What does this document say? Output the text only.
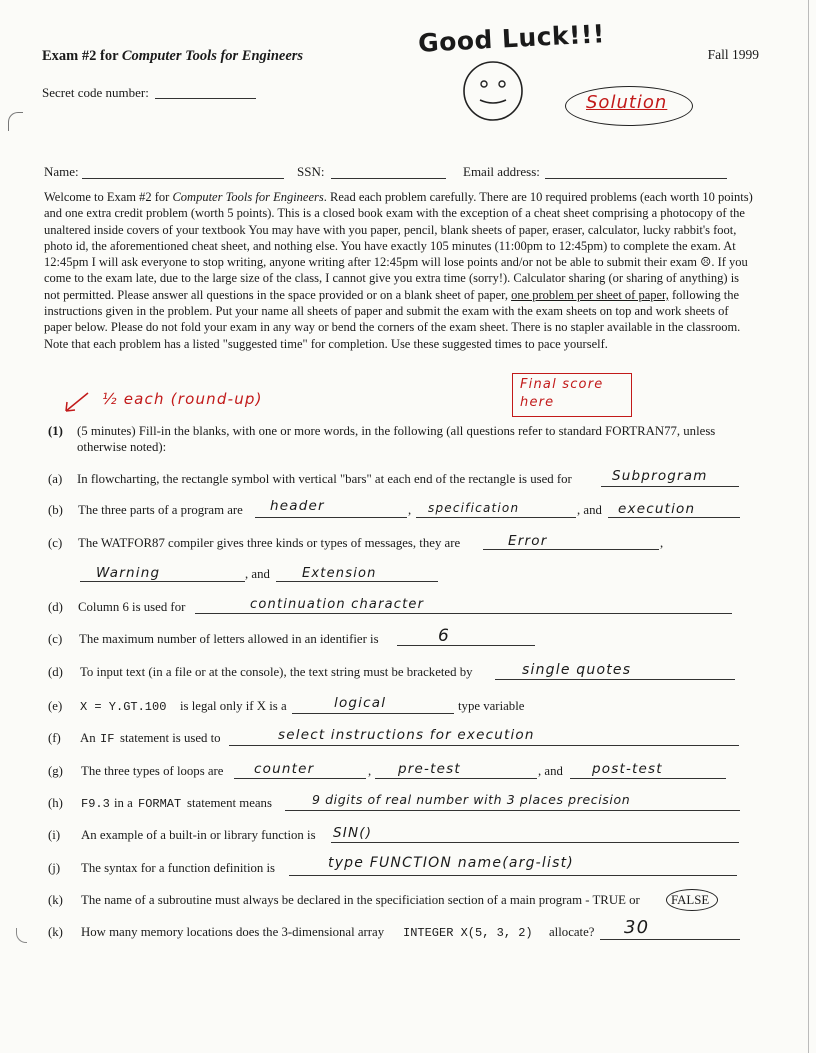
Exam #2 for Computer Tools for Engineers	Good Luck!!!	Fall 1999
Solution
Secret code number:
Name:	SSN:	Email address:
Welcome to Exam #2 for Computer Tools for Engineers. Read each problem carefully. There are 10 required problems (each worth 10 points) and one extra credit problem (worth 5 points). This is a closed book exam with the exception of a cheat sheet comprising a photocopy of the unaltered inside covers of your textbook You may have with you paper, pencil, blank sheets of paper, eraser, calculator, lucky rabbit's foot, photo id, the aforementioned cheat sheet, and nothing else. You have exactly 105 minutes (11:00pm to 12:45pm) to complete the exam. At 12:45pm I will ask everyone to stop writing, anyone writing after 12:45pm will lose points and/or not be able to submit their exam ☹. If you come to the exam late, due to the large size of the class, I cannot give you extra time (sorry!). Calculator sharing (or sharing of anything) is not permitted. Please answer all questions in the space provided or on a blank sheet of paper, one problem per sheet of paper, following the instructions given in the problem. Put your name all sheets of paper and submit the exam with the exam sheets on top and work sheets of paper below. Please do not fold your exam in any way or bend the corners of the exam sheet. There is no stapler available in the classroom. Note that each problem has a listed "suggested time" for completion. Use these suggested times to pace yourself.
½ each (round-up)
Final score here
(1) (5 minutes) Fill-in the blanks, with one or more words, in the following (all questions refer to standard FORTRAN77, unless
otherwise noted):
(a) In flowcharting, the rectangle symbol with vertical "bars" at each end of the rectangle is used for	Subprogram
(b) The three parts of a program are header	, specification	, and execution
(c) The WATFOR87 compiler gives three kinds or types of messages, they are	Error	,
Warning	, and Extension
(d) Column 6 is used for	continuation character
(c) The maximum number of letters allowed in an identifier is	6
(d) To input text (in a file or at the console), the text string must be bracketed by	single quotes
(e) X = Y.GT.100 is legal only if X is a	logical	type variable
(f) An IF statement is used to	select instructions for execution
(g) The three types of loops are counter	, pre-test	, and post-test
(h) F9.3 in a FORMAT statement means	9 digits of real number with 3 places precision
(i) An example of a built-in or library function is SIN()
(j) The syntax for a function definition is	type FUNCTION name(arg-list)
(k) The name of a subroutine must always be declared in the specificiation section of a main program - TRUE or FALSE
(k) How many memory locations does the 3-dimensional array INTEGER X(5, 3, 2) allocate? 30
